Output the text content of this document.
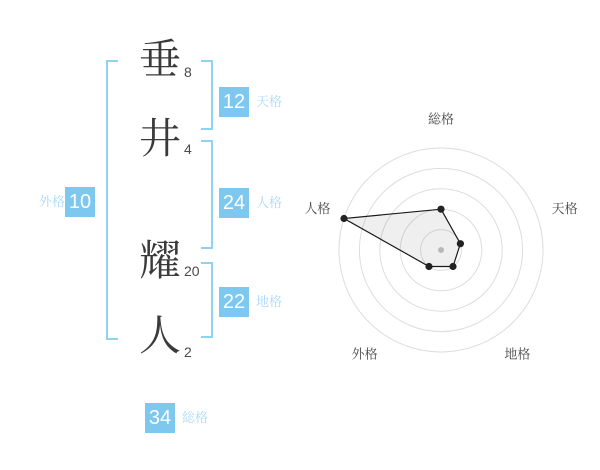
垂 8
井 4
耀 20
人 2
12 天格
24 人格
22 地格
外格 10
34 総格
総格
天格
地格
外格
人格
